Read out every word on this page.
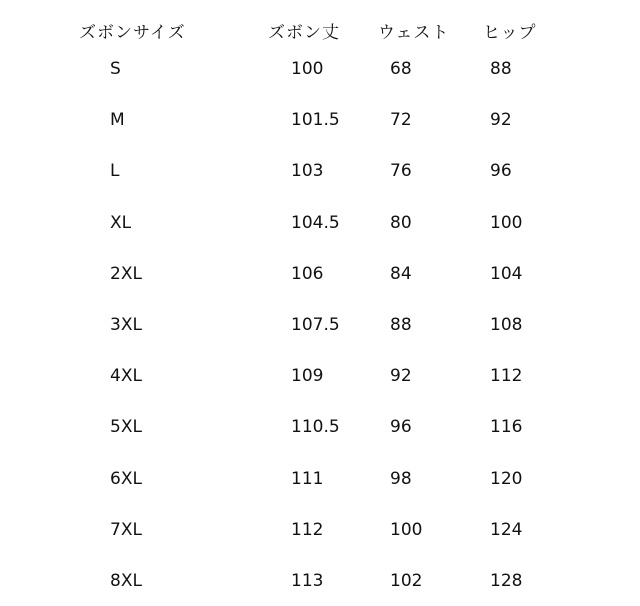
ズボンサイズ	ズボン丈 ウェスト ヒップ
S	100	68	88
M	101.5	72	92
L	103	76	96
XL	104.5	80	100
2XL	106	84	104
3XL	107.5	88	108
4XL	109	92	112
5XL	110.5	96	116
6XL	111	98	120
7XL	112	100	124
8XL	113	102	128
